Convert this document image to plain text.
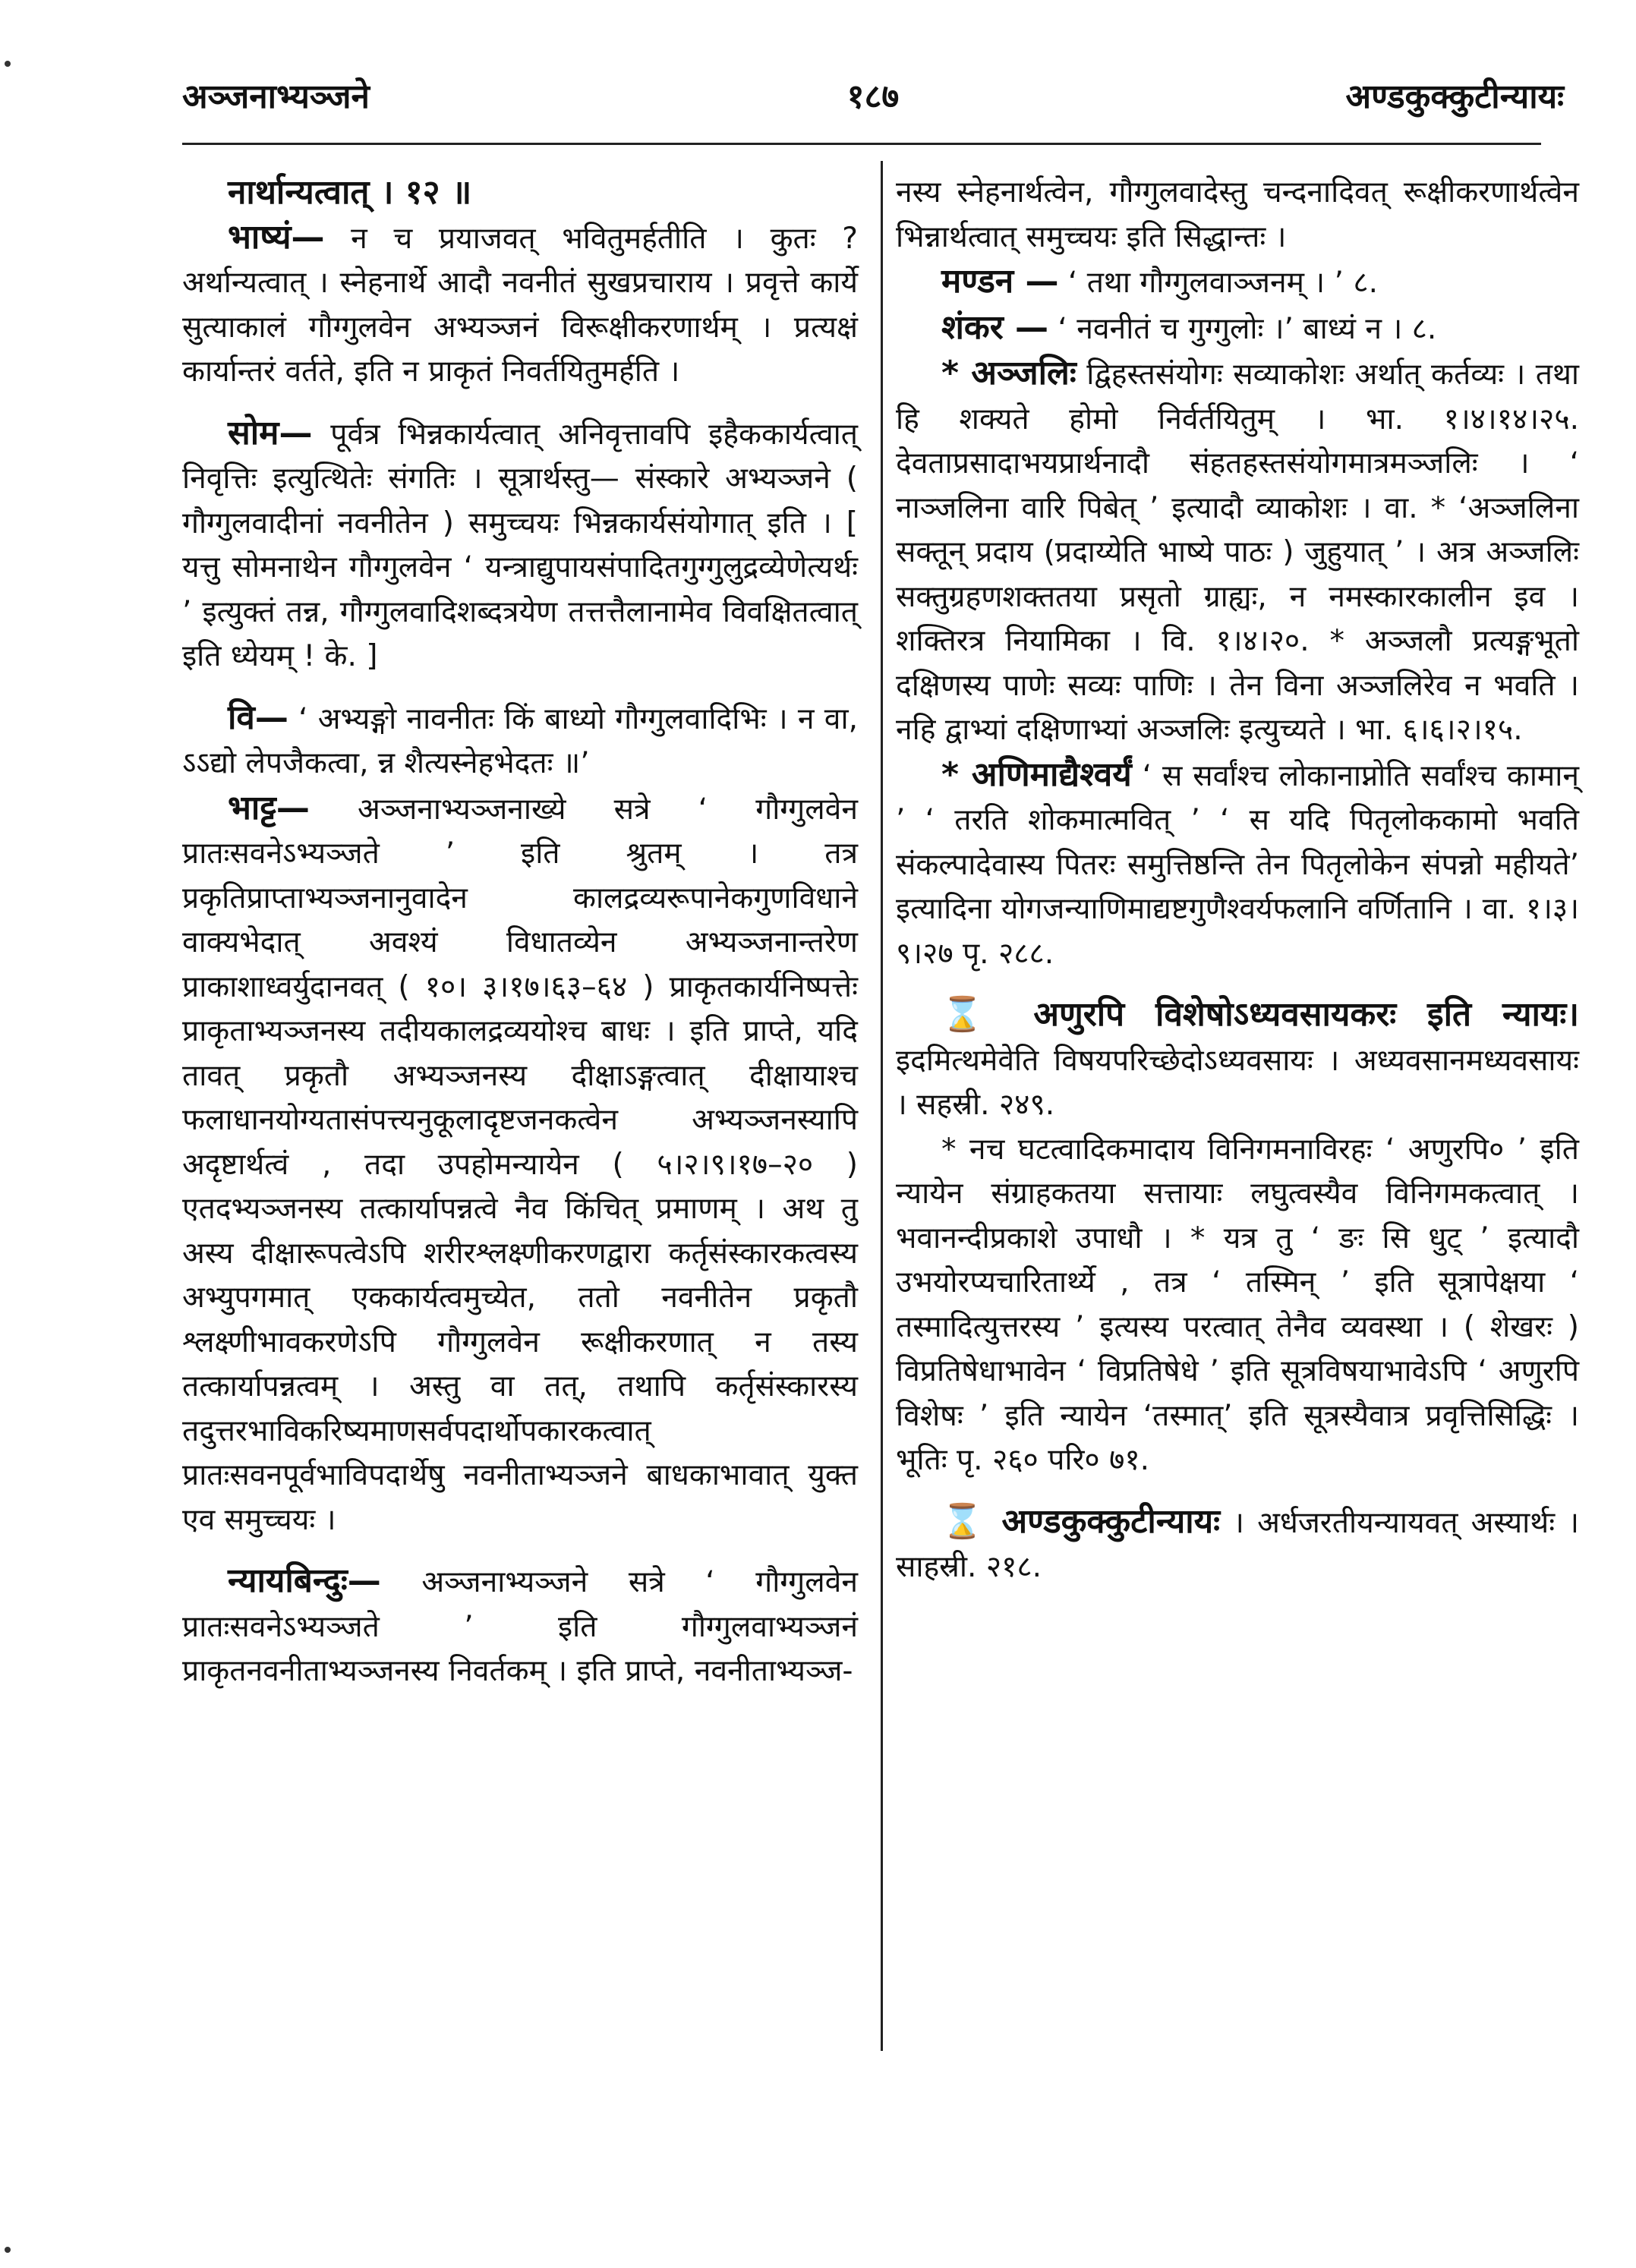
अञ्जनाभ्यञ्जने	१८७	अण्डकुक्कुटीन्यायः

नार्थान्यत्वात् । १२ ॥

भाष्यं— न च प्रयाजवत् भवितुमर्हतीति । कुतः ? अर्थान्यत्वात् । स्नेहनार्थे आदौ नवनीतं सुखप्रचाराय । प्रवृत्ते कार्ये सुत्याकालं गौग्गुलवेन अभ्यञ्जनं विरूक्षीकरणार्थम् । प्रत्यक्षं कार्यान्तरं वर्तते, इति न प्राकृतं निवर्तयितुमर्हति ।

सोम— पूर्वत्र भिन्नकार्यत्वात् अनिवृत्तावपि इहैककार्यत्वात् निवृत्तिः इत्युत्थितेः संगतिः । सूत्रार्थस्तु— संस्कारे अभ्यञ्जने ( गौग्गुलवादीनां नवनीतेन ) समुच्चयः भिन्नकार्यसंयोगात् इति । [ यत्तु सोमनाथेन गौग्गुलवेन ‘ यन्त्राद्युपायसंपादितगुग्गुलुद्रव्येणेत्यर्थः ’ इत्युक्तं तन्न, गौग्गुलवादिशब्दत्रयेण तत्तत्तैलानामेव विवक्षितत्वात् इति ध्येयम् ! के. ]

वि— ‘ अभ्यङ्गो नावनीतः किं बाध्यो गौग्गुलवादिभिः । न वा, ऽऽद्यो लेपजैकत्वा, न्न शैत्यस्नेहभेदतः ॥’

भाट्ट— अञ्जनाभ्यञ्जनाख्ये सत्रे ‘ गौग्गुलवेन प्रातःसवनेऽभ्यञ्जते ’ इति श्रुतम् । तत्र प्रकृतिप्राप्ताभ्यञ्जनानुवादेन कालद्रव्यरूपानेकगुणविधाने वाक्यभेदात् अवश्यं विधातव्येन अभ्यञ्जनान्तरेण प्राकाशाध्वर्युदानवत् ( १०। ३।१७।६३–६४ ) प्राकृतकार्यनिष्पत्तेः प्राकृताभ्यञ्जनस्य तदीयकालद्रव्ययोश्च बाधः । इति प्राप्ते, यदि तावत् प्रकृतौ अभ्यञ्जनस्य दीक्षाऽङ्गत्वात् दीक्षायाश्च फलाधानयोग्यतासंपत्त्यनुकूलादृष्टजनकत्वेन अभ्यञ्जनस्यापि अदृष्टार्थत्वं , तदा उपहोमन्यायेन ( ५।२।९।१७–२० ) एतदभ्यञ्जनस्य तत्कार्यापन्नत्वे नैव किंचित् प्रमाणम् । अथ तु अस्य दीक्षारूपत्वेऽपि शरीरश्लक्ष्णीकरणद्वारा कर्तृसंस्कारकत्वस्य अभ्युपगमात् एककार्यत्वमुच्येत, ततो नवनीतेन प्रकृतौ श्लक्ष्णीभावकरणेऽपि गौग्गुलवेन रूक्षीकरणात् न तस्य तत्कार्यापन्नत्वम् । अस्तु वा तत्, तथापि कर्तृसंस्कारस्य तदुत्तरभाविकरिष्यमाणसर्वपदार्थोपकारकत्वात् प्रातःसवनपूर्वभाविपदार्थेषु नवनीताभ्यञ्जने बाधकाभावात् युक्त एव समुच्चयः ।

न्यायबिन्दुः— अञ्जनाभ्यञ्जने सत्रे ‘ गौग्गुलवेन प्रातःसवनेऽभ्यञ्जते ’ इति गौग्गुलवाभ्यञ्जनं प्राकृतनवनीताभ्यञ्जनस्य निवर्तकम् । इति प्राप्ते, नवनीताभ्यञ्ज-

नस्य स्नेहनार्थत्वेन, गौग्गुलवादेस्तु चन्दनादिवत् रूक्षीकरणार्थत्वेन भिन्नार्थत्वात् समुच्चयः इति सिद्धान्तः ।

मण्डन — ‘ तथा गौग्गुलवाञ्जनम् । ’ ८.

शंकर — ‘ नवनीतं च गुग्गुलोः ।’ बाध्यं न । ८.

* अञ्जलिः द्विहस्तसंयोगः सव्याकोशः अर्थात् कर्तव्यः । तथा हि शक्यते होमो निर्वर्तयितुम् । भा. १।४।१४।२५. देवताप्रसादाभयप्रार्थनादौ संहतहस्तसंयोगमात्रमञ्जलिः । ‘ नाञ्जलिना वारि पिबेत् ’ इत्यादौ व्याकोशः । वा. * ‘अञ्जलिना सक्तून् प्रदाय (प्रदाय्येति भाष्ये पाठः ) जुहुयात् ’ । अत्र अञ्जलिः सक्तुग्रहणशक्ततया प्रसृतो ग्राह्यः, न नमस्कारकालीन इव । शक्तिरत्र नियामिका । वि. १।४।२०. * अञ्जलौ प्रत्यङ्गभूतो दक्षिणस्य पाणेः सव्यः पाणिः । तेन विना अञ्जलिरेव न भवति । नहि द्वाभ्यां दक्षिणाभ्यां अञ्जलिः इत्युच्यते । भा. ६।६।२।१५.

* अणिमाद्यैश्वर्यं ‘ स सर्वांश्च लोकानाप्नोति सर्वांश्च कामान् ’ ‘ तरति शोकमात्मवित् ’ ‘ स यदि पितृलोककामो भवति संकल्पादेवास्य पितरः समुत्तिष्ठन्ति तेन पितृलोकेन संपन्नो महीयते’ इत्यादिना योगजन्याणिमाद्यष्टगुणैश्वर्यफलानि वर्णितानि । वा. १।३।९।२७ पृ. २८८.

⌛ अणुरपि विशेषोऽध्यवसायकरः इति न्यायः। इदमित्थमेवेति विषयपरिच्छेदोऽध्यवसायः । अध्यवसानमध्यवसायः । सहस्री. २४९.

* नच घटत्वादिकमादाय विनिगमनाविरहः ‘ अणुरपि० ’ इति न्यायेन संग्राहकतया सत्तायाः लघुत्वस्यैव विनिगमकत्वात् । भवानन्दीप्रकाशे उपाधौ । * यत्र तु ‘ ङः सि धुट् ’ इत्यादौ उभयोरप्यचारितार्थ्ये , तत्र ‘ तस्मिन् ’ इति सूत्रापेक्षया ‘ तस्मादित्युत्तरस्य ’ इत्यस्य परत्वात् तेनैव व्यवस्था । ( शेखरः ) विप्रतिषेधाभावेन ‘ विप्रतिषेधे ’ इति सूत्रविषयाभावेऽपि ‘ अणुरपि विशेषः ’ इति न्यायेन ‘तस्मात्’ इति सूत्रस्यैवात्र प्रवृत्तिसिद्धिः । भूतिः पृ. २६० परि० ७१.

⌛ अण्डकुक्कुटीन्यायः । अर्धजरतीयन्यायवत् अस्यार्थः । साहस्री. २१८.
